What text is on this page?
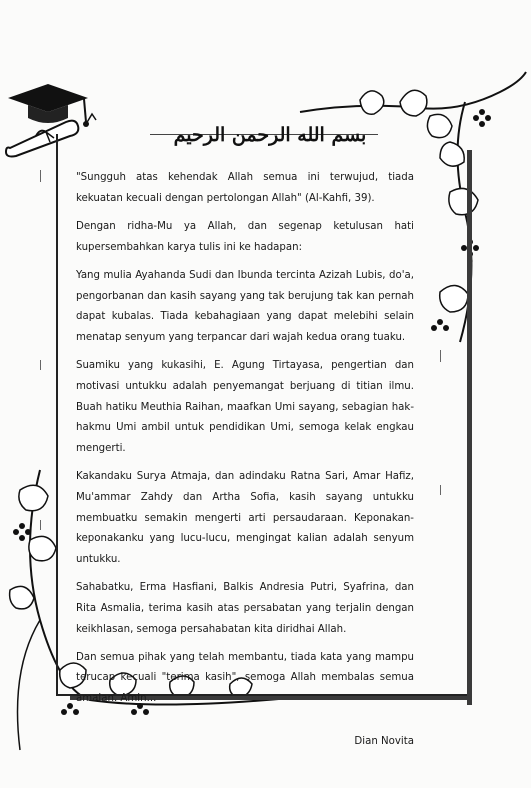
بسم الله الرحمن الرحيم

"Sungguh atas kehendak Allah semua ini terwujud, tiada kekuatan kecuali dengan pertolongan Allah" (Al-Kahfi, 39).

Dengan ridha-Mu ya Allah, dan segenap ketulusan hati kupersembahkan karya tulis ini ke hadapan:

Yang mulia Ayahanda Sudi dan Ibunda tercinta Azizah Lubis, do'a, pengorbanan dan kasih sayang yang tak berujung tak kan pernah dapat kubalas. Tiada kebahagiaan yang dapat melebihi selain menatap senyum yang terpancar dari wajah kedua orang tuaku.

Suamiku yang kukasihi, E. Agung Tirtayasa, pengertian dan motivasi untukku adalah penyemangat berjuang di titian ilmu. Buah hatiku Meuthia Raihan, maafkan Umi sayang, sebagian hak-hakmu Umi ambil untuk pendidikan Umi, semoga kelak engkau mengerti.

Kakandaku Surya Atmaja, dan adindaku Ratna Sari, Amar Hafiz, Mu'ammar Zahdy dan Artha Sofia, kasih sayang untukku membuatku semakin mengerti arti persaudaraan. Keponakan-keponakanku yang lucu-lucu, mengingat kalian adalah senyum untukku.

Sahabatku, Erma Hasfiani, Balkis Andresia Putri, Syafrina, dan Rita Asmalia, terima kasih atas persabatan yang terjalin dengan keikhlasan, semoga persahabatan kita diridhai Allah.

Dan semua pihak yang telah membantu, tiada kata yang mampu terucap kecuali "terima kasih", semoga Allah membalas semua amalan. Amin...

Dian Novita
